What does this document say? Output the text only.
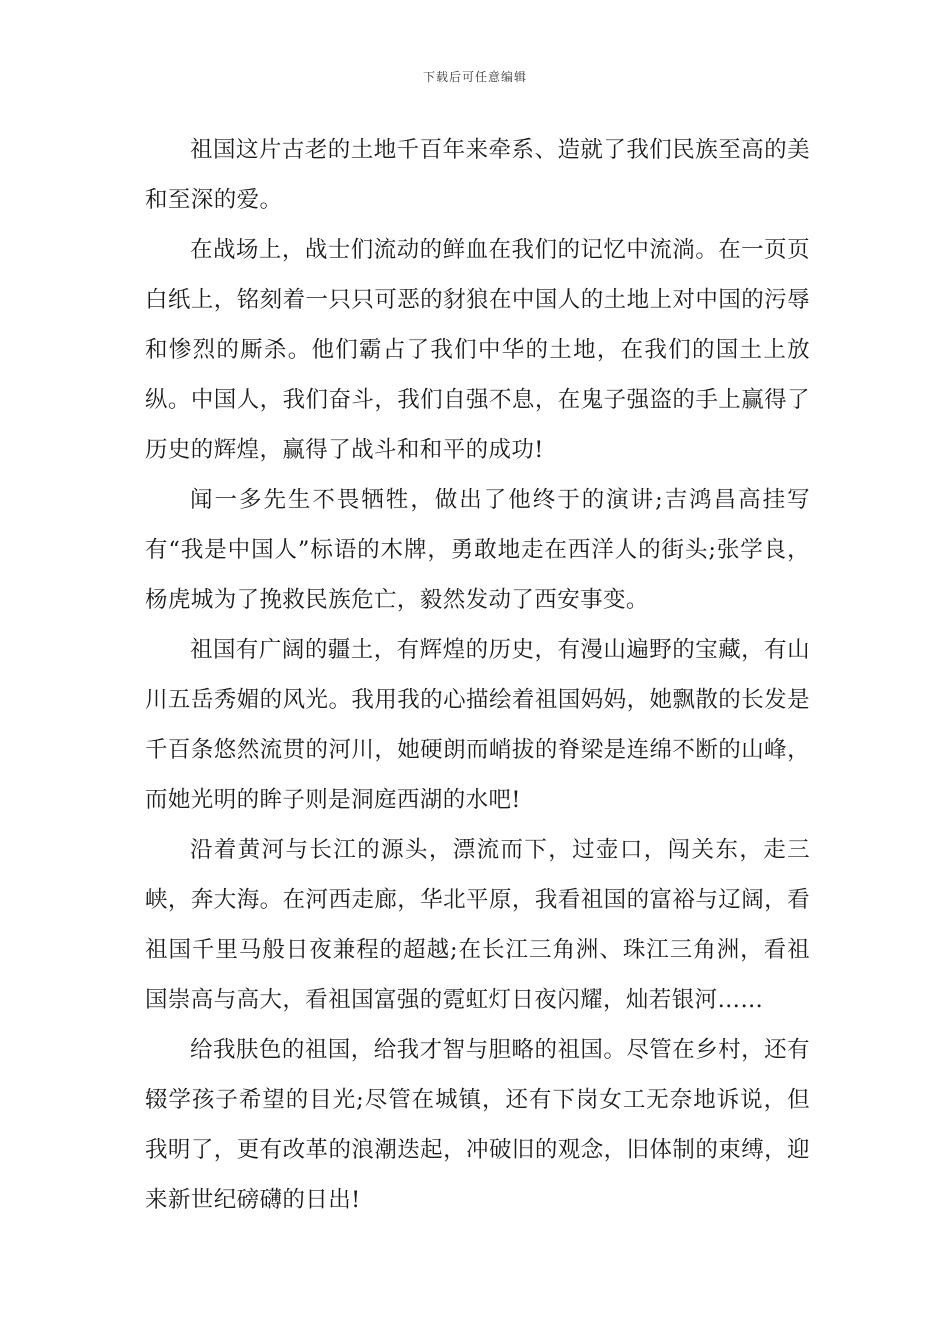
下载后可任意编辑

祖国这片古老的土地千百年来牵系、造就了我们民族至高的美和至深的爱。

在战场上，战士们流动的鲜血在我们的记忆中流淌。在一页页白纸上，铭刻着一只只可恶的豺狼在中国人的土地上对中国的污辱和惨烈的厮杀。他们霸占了我们中华的土地，在我们的国土上放纵。中国人，我们奋斗，我们自强不息，在鬼子强盗的手上赢得了历史的辉煌，赢得了战斗和和平的成功!

闻一多先生不畏牺牲，做出了他终于的演讲;吉鸿昌高挂写有“我是中国人”标语的木牌，勇敢地走在西洋人的街头;张学良，杨虎城为了挽救民族危亡，毅然发动了西安事变。

祖国有广阔的疆土，有辉煌的历史，有漫山遍野的宝藏，有山川五岳秀媚的风光。我用我的心描绘着祖国妈妈，她飘散的长发是千百条悠然流贯的河川，她硬朗而峭拔的脊梁是连绵不断的山峰，而她光明的眸子则是洞庭西湖的水吧!

沿着黄河与长江的源头，漂流而下，过壶口，闯关东，走三峡，奔大海。在河西走廊，华北平原，我看祖国的富裕与辽阔，看祖国千里马般日夜兼程的超越;在长江三角洲、珠江三角洲，看祖国崇高与高大，看祖国富强的霓虹灯日夜闪耀，灿若银河……

给我肤色的祖国，给我才智与胆略的祖国。尽管在乡村，还有辍学孩子希望的目光;尽管在城镇，还有下岗女工无奈地诉说，但我明了，更有改革的浪潮迭起，冲破旧的观念，旧体制的束缚，迎来新世纪磅礴的日出!
